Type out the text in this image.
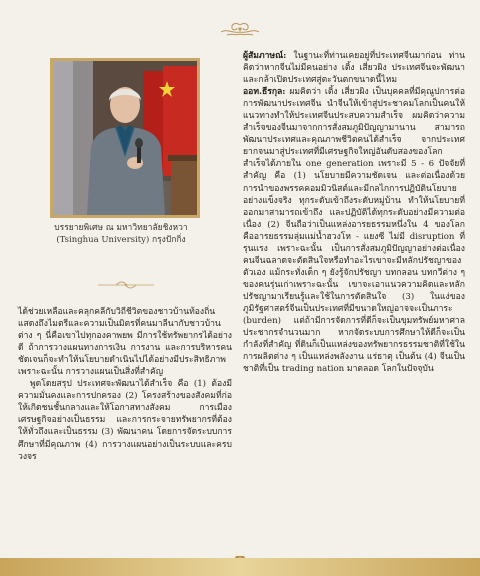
บรรยายพิเศษ ณ มหาวิทยาลัยชิงหวา
(Tsinghua University) กรุงปักกิ่ง

ผู้สัมภาษณ์: ในฐานะที่ท่านเคยอยู่ที่ประเทศจีนมาก่อน ท่านคิดว่าหากจีนไม่มีคนอย่าง เติ้ง เสี่ยวผิง ประเทศจีนจะพัฒนาและกล้าเปิดประเทศสู่ตะวันตกขนาดนี้ไหม

ออท.ธีรกุล: ผมคิดว่า เติ้ง เสี่ยวผิง เป็นบุคคลที่มีคุณูปการต่อการพัฒนาประเทศจีน นำจีนให้เข้าสู่ประชาคมโลกเป็นคนให้แนวทางทำให้ประเทศจีนประสบความสำเร็จ ผมคิดว่าความสำเร็จของจีนมาจากการสั่งสมภูมิปัญญามานาน สามารถพัฒนาประเทศและคุณภาพชีวิตคนได้สำเร็จ จากประเทศยากจนมาสู่ประเทศที่มีเศรษฐกิจใหญ่อันดับสองของโลกสำเร็จได้ภายใน one generation เพราะมี 5 - 6 ปัจจัยที่สำคัญ คือ (1) นโยบายมีความชัดเจน และต่อเนื่องด้วยการนำของพรรคคอมมิวนิสต์และมีกลไกการปฏิบัตินโยบายอย่างแข็งจริง ทุกระดับเข้าถึงระดับหมู่บ้าน ทำให้นโยบายที่ออกมาสามารถเข้าถึง และปฏิบัติได้ทุกระดับอย่างมีความต่อเนื่อง (2) จีนถือว่าเป็นแหล่งอารยธรรมหนึ่งใน 4 ของโลก คืออารยธรรมลุ่มแม่น้ำฮวงโห - แยงซี ไม่มี disruption ที่รุนแรง เพราะฉะนั้น เป็นการสั่งสมภูมิปัญญาอย่างต่อเนื่อง คนจีนฉลาดจะตัดสินใจหรือทำอะไรเขาจะมีหลักปรัชญาของตัวเอง แม้กระทั่งเด็ก ๆ ยังรู้จักปรัชญา บทกลอน บทกวีต่าง ๆ ของคนรุ่นเก่าเพราะฉะนั้น เขาจะเอาแนวความคิดและหลักปรัชญามาเรียนรู้และใช้ในการตัดสินใจ (3) ในแง่ของภูมิรัฐศาสตร์จีนเป็นประเทศที่มีขนาดใหญ่อาจจะเป็นภาระ (burden) แต่ถ้ามีการจัดการที่ดีก็จะเป็นขุมทรัพย์มหาศาล ประชากรจำนวนมาก หากจัดระบบการศึกษาให้ดีก็จะเป็นกำลังที่สำคัญ ที่ดินก็เป็นแหล่งของทรัพยากรธรรมชาติที่ใช้ในการผลิตต่าง ๆ เป็นแหล่งพลังงาน แร่ธาตุ เป็นต้น (4) จีนเป็นชาติที่เป็น trading nation มาตลอด โลกในปัจจุบัน

ได้ช่วยเหลือและคลุกคลีกับวิถีชีวิตของชาวบ้านท้องถิ่น แสดงถึงไมตรีและความเป็นมิตรที่คนมาลีนากับชาวบ้านต่าง ๆ นี่คือเขาไปทุกองคาพยพ มีการใช้ทรัพยากรได้อย่างดี ถ้าการวางแผนทางการเงิน การงาน และการบริหารคนชัดเจนก็จะทำให้นโยบายดำเนินไปได้อย่างมีประสิทธิภาพ เพราะฉะนั้น การวางแผนเป็นสิ่งที่สำคัญ

พูดโดยสรุป ประเทศจะพัฒนาได้สำเร็จ คือ (1) ต้องมีความมั่นคงและการปกครอง (2) โครงสร้างของสังคมที่ก่อให้เกิดชนชั้นกลางและให้โอกาสทางสังคม การเมือง เศรษฐกิจอย่างเป็นธรรม และการกระจายทรัพยากรที่ต้องให้ทั่วถึงและเป็นธรรม (3) พัฒนาคน โดยการจัดระบบการศึกษาที่มีคุณภาพ (4) การวางแผนอย่างเป็นระบบและครบวงจร
